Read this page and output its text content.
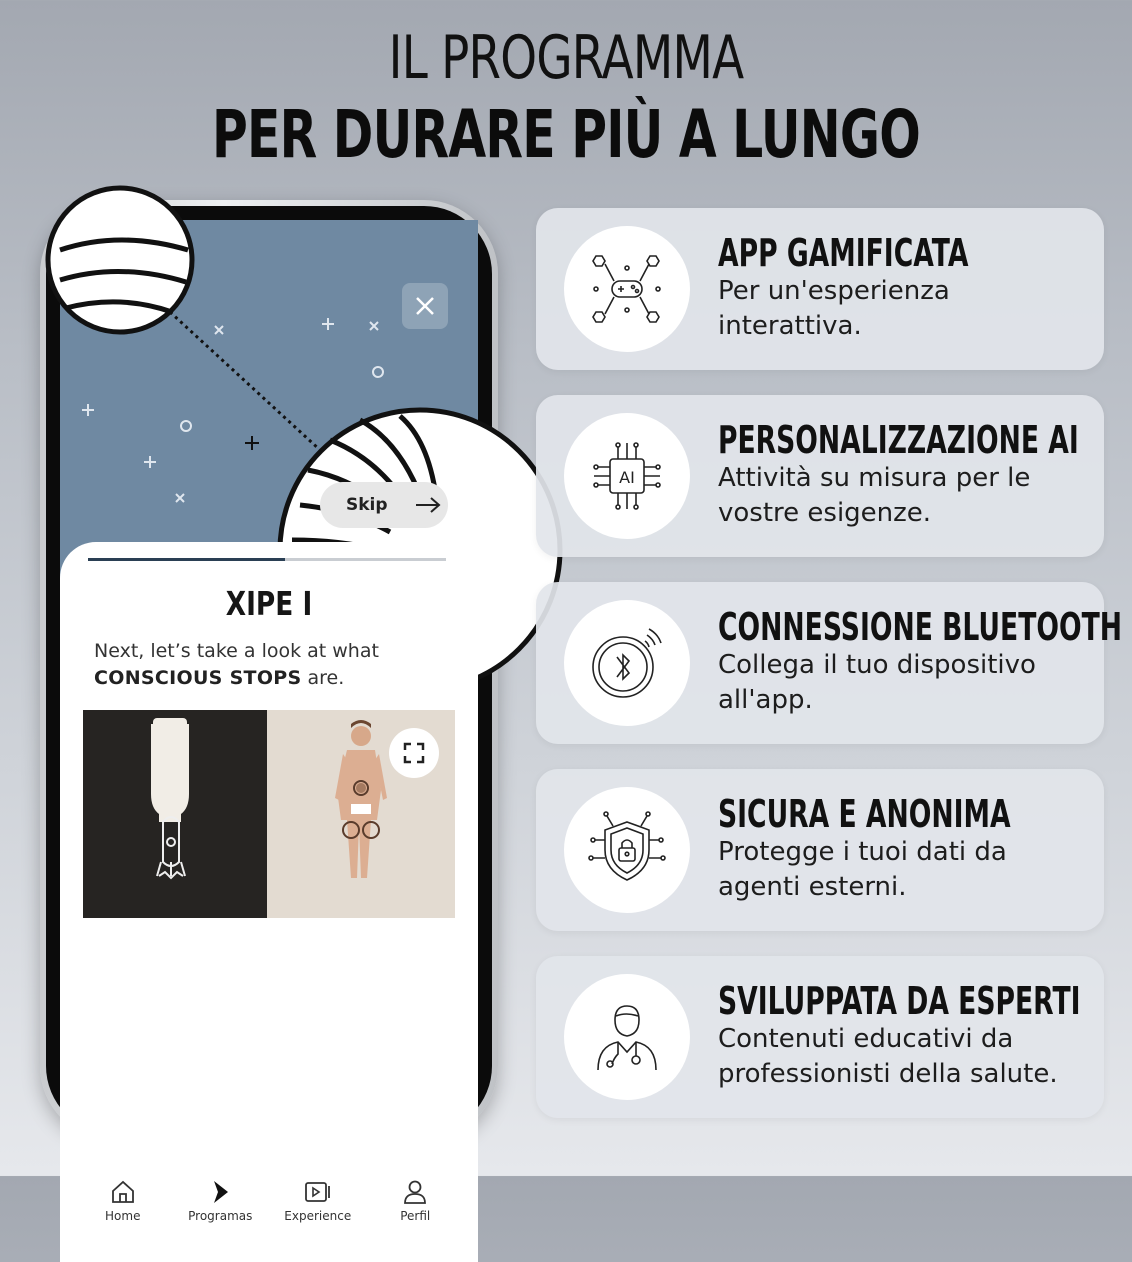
IL PROGRAMMA
PER DURARE PIÙ A LUNGO
Skip
XIPE I
Next, let’s take a look at what
CONSCIOUS STOPS are.
Home	Programas	Experience	Perfil
APP GAMIFICATA
Per un'esperienza interattiva.
AI
PERSONALIZZAZIONE AI
Attività su misura per le vostre esigenze.
CONNESSIONE BLUETOOTH
Collega il tuo dispositivo all'app.
SICURA E ANONIMA
Protegge i tuoi dati da agenti esterni.
SVILUPPATA DA ESPERTI
Contenuti educativi da professionisti della salute.
